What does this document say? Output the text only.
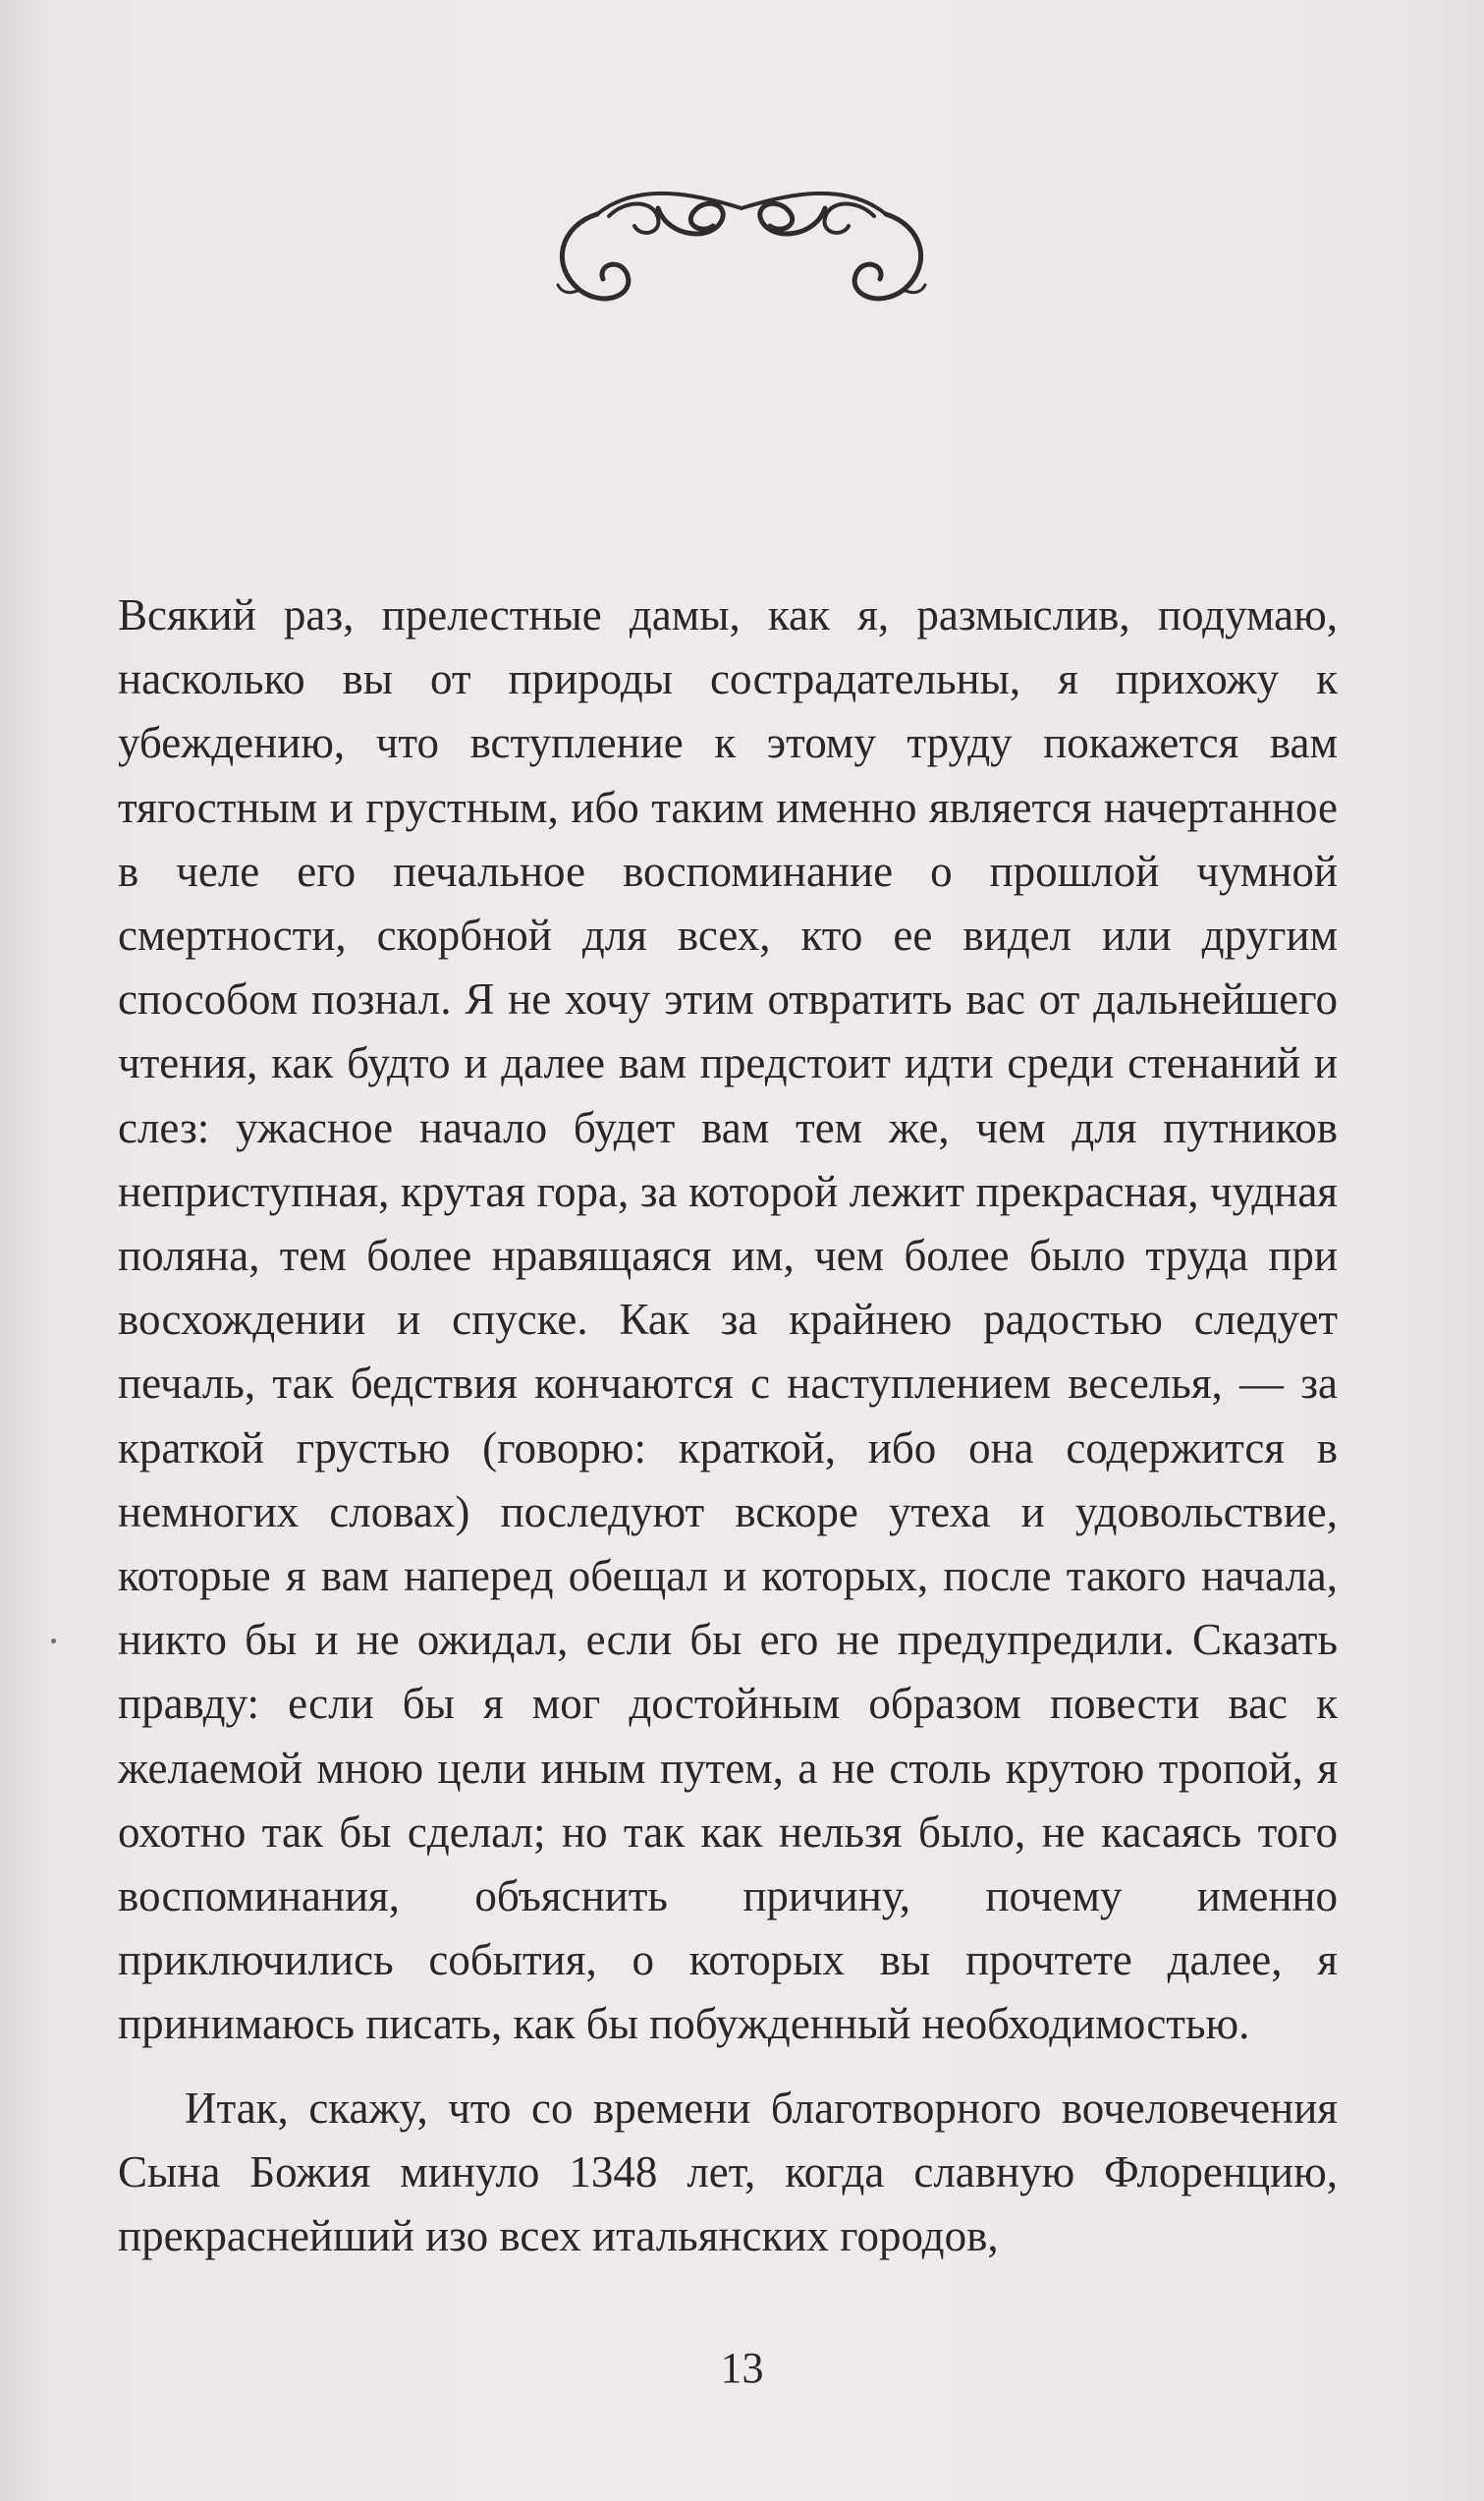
Всякий раз, прелестные дамы, как я, размыслив, подумаю, насколько вы от природы сострадательны, я прихожу к убеждению, что вступление к этому труду покажется вам тягостным и грустным, ибо таким именно является начертанное в челе его печальное воспоминание о прошлой чумной смертности, скорбной для всех, кто ее видел или другим способом познал. Я не хочу этим отвратить вас от дальнейшего чтения, как будто и далее вам предстоит идти среди стенаний и слез: ужасное начало будет вам тем же, чем для путников неприступная, крутая гора, за которой лежит прекрасная, чудная поляна, тем более нравящаяся им, чем более было труда при восхождении и спуске. Как за крайнею радостью следует печаль, так бедствия кончаются с наступлением веселья, — за краткой грустью (говорю: краткой, ибо она содержится в немногих словах) последуют вскоре утеха и удовольствие, которые я вам наперед обещал и которых, после такого начала, никто бы и не ожидал, если бы его не предупредили. Сказать правду: если бы я мог достойным образом повести вас к желаемой мною цели иным путем, а не столь крутою тропой, я охотно так бы сделал; но так как нельзя было, не касаясь того воспоминания, объяснить причину, почему именно приключились события, о которых вы прочтете далее, я принимаюсь писать, как бы побужденный необходимостью.

Итак, скажу, что со времени благотворного вочеловечения Сына Божия минуло 1348 лет, когда славную Флоренцию, прекраснейший изо всех итальянских городов,

13
